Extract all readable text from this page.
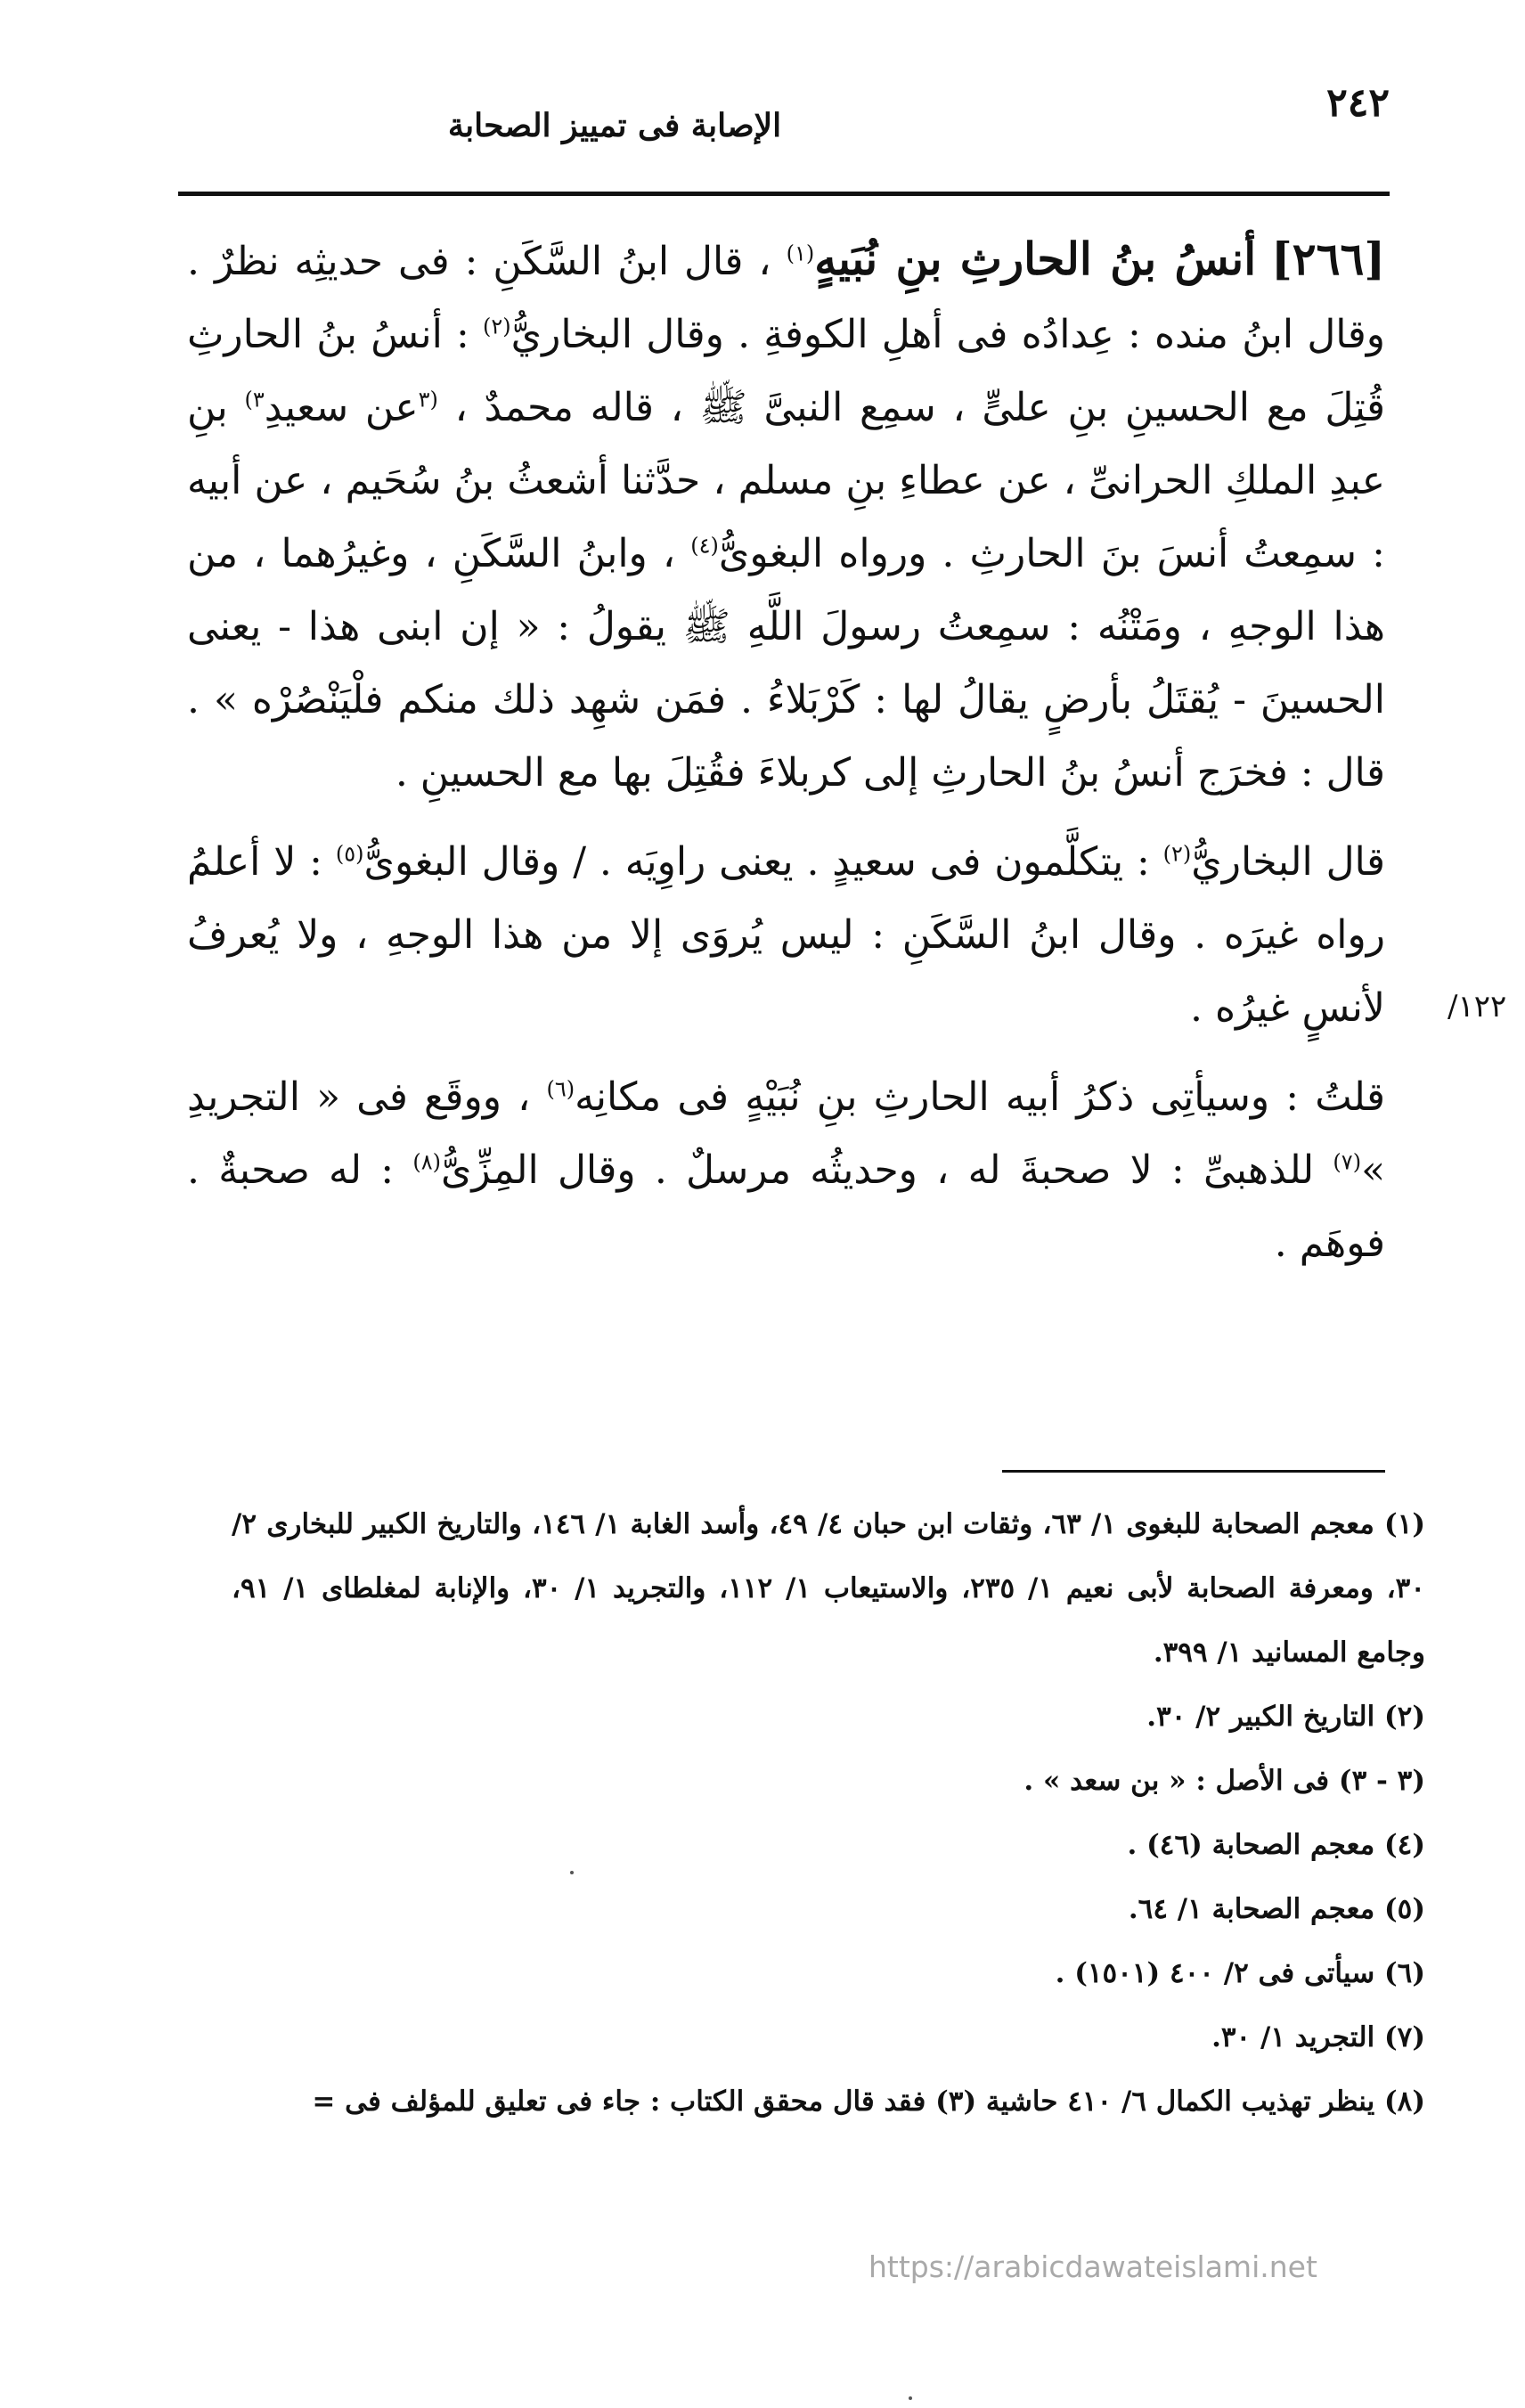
٢٤٢
الإصابة فى تمييز الصحابة

[٢٦٦] أنسُ بنُ الحارثِ بنِ نُبَيهٍ$^{(١)}$ ، قال ابنُ السَّكَنِ : فى حديثِه نظرٌ . وقال ابنُ منده : عِدادُه فى أهلِ الكوفةِ . وقال البخاريُّ$^{(٢)}$ : أنسُ بنُ الحارثِ قُتِلَ مع الحسينِ بنِ علىٍّ ، سمِع النبىَّ ﷺ ، قاله محمدٌ ، $^{(٣}$عن سعيدِ$^{٣)}$ بنِ عبدِ الملكِ الحرانىِّ ، عن عطاءِ بنِ مسلم ، حدَّثنا أشعثُ بنُ سُحَيم ، عن أبيه : سمِعتُ أنسَ بنَ الحارثِ . ورواه البغوىُّ$^{(٤)}$ ، وابنُ السَّكَنِ ، وغيرُهما ، من هذا الوجهِ ، ومَتْنُه : سمِعتُ رسولَ اللَّهِ ﷺ يقولُ : « إن ابنى هذا - يعنى الحسينَ - يُقتَلُ بأرضٍ يقالُ لها : كَرْبَلاءُ . فمَن شهِد ذلك منكم فلْيَنْصُرْه » . قال : فخرَج أنسُ بنُ الحارثِ إلى كربلاءَ فقُتِلَ بها مع الحسينِ .

قال البخاريُّ$^{(٢)}$ : يتكلَّمون فى سعيدٍ . يعنى راوِيَه . / وقال البغوىُّ$^{(٥)}$ : لا أعلمُ رواه غيرَه . وقال ابنُ السَّكَنِ : ليس يُروَى إلا من هذا الوجهِ ، ولا يُعرفُ لأنسٍ غيرُه .

قلتُ : وسيأتِى ذكرُ أبيه الحارثِ بنِ نُبَيْهٍ فى مكانِه$^{(٦)}$ ، ووقَع فى « التجريدِ »$^{(٧)}$ للذهبىِّ : لا صحبةَ له ، وحديثُه مرسلٌ . وقال المِزِّىُّ$^{(٨)}$ : له صحبةٌ . فوهَم .

١٢٢/

(١) معجم الصحابة للبغوى ١/ ٦٣، وثقات ابن حبان ٤/ ٤٩، وأسد الغابة ١/ ١٤٦، والتاريخ الكبير للبخارى ٢/ ٣٠، ومعرفة الصحابة لأبى نعيم ١/ ٢٣٥، والاستيعاب ١/ ١١٢، والتجريد ١/ ٣٠، والإنابة لمغلطاى ١/ ٩١، وجامع المسانيد ١/ ٣٩٩.

(٢) التاريخ الكبير ٢/ ٣٠.

(٣ - ٣) فى الأصل : « بن سعد » .

(٤) معجم الصحابة (٤٦) .

(٥) معجم الصحابة ١/ ٦٤.

(٦) سيأتى فى ٢/ ٤٠٠ (١٥٠١) .

(٧) التجريد ١/ ٣٠.

(٨) ينظر تهذيب الكمال ٦/ ٤١٠ حاشية (٣) فقد قال محقق الكتاب : جاء فى تعليق للمؤلف فى =

https://arabicdawateislami.net
